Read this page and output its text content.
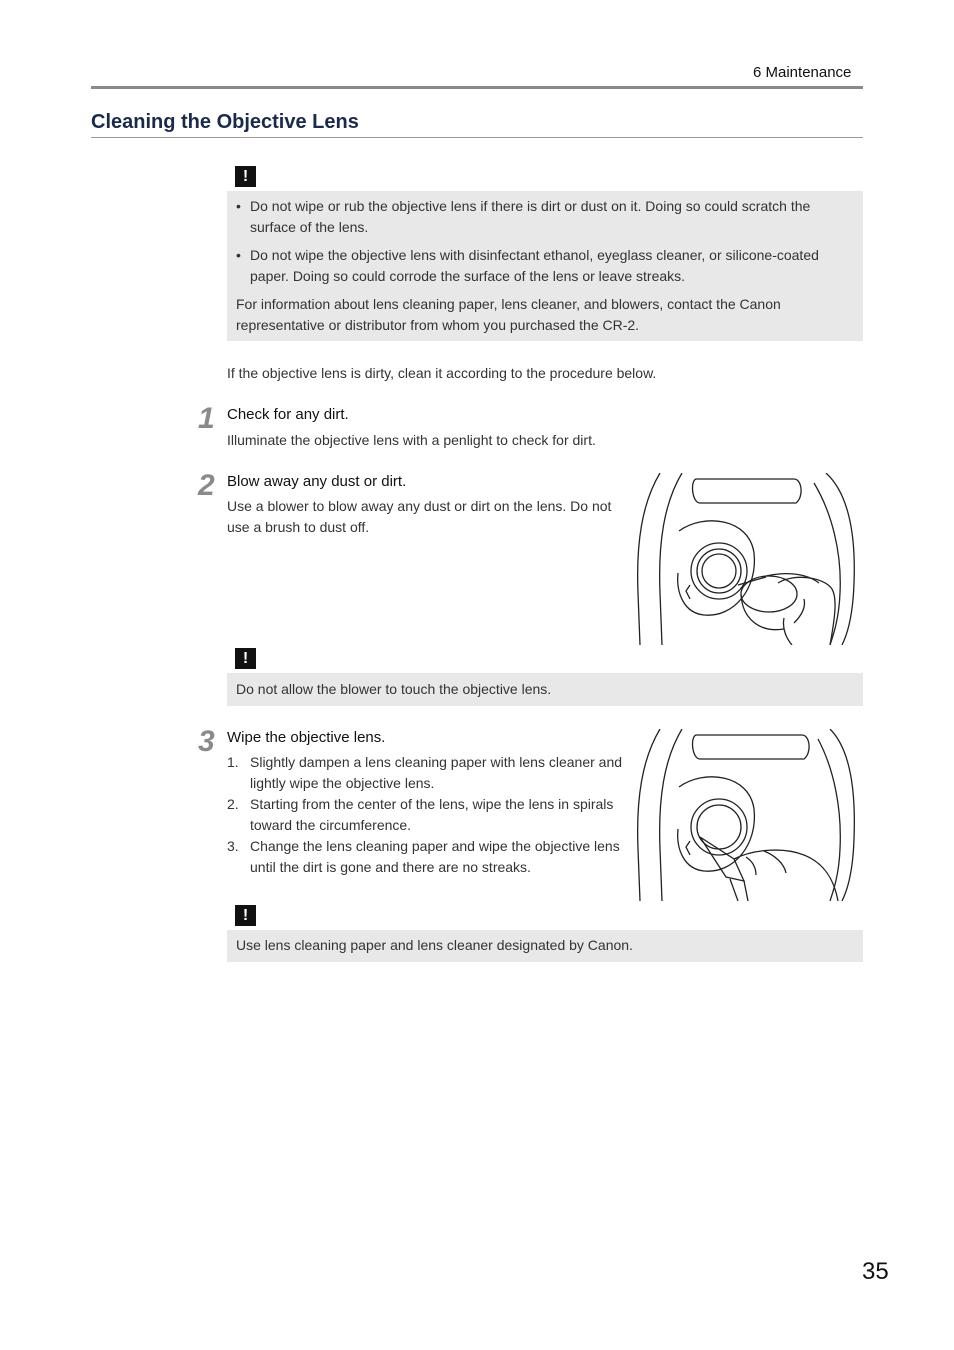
6 Maintenance
Cleaning the Objective Lens
!
• Do not wipe or rub the objective lens if there is dirt or dust on it. Doing so could scratch the surface of the lens.
• Do not wipe the objective lens with disinfectant ethanol, eyeglass cleaner, or silicone-coated paper. Doing so could corrode the surface of the lens or leave streaks.
For information about lens cleaning paper, lens cleaner, and blowers, contact the Canon representative or distributor from whom you purchased the CR-2.
If the objective lens is dirty, clean it according to the procedure below.
1 Check for any dirt.
Illuminate the objective lens with a penlight to check for dirt.
2 Blow away any dust or dirt.
Use a blower to blow away any dust or dirt on the lens. Do not use a brush to dust off.
!
Do not allow the blower to touch the objective lens.
3 Wipe the objective lens.
1. Slightly dampen a lens cleaning paper with lens cleaner and lightly wipe the objective lens.
2. Starting from the center of the lens, wipe the lens in spirals toward the circumference.
3. Change the lens cleaning paper and wipe the objective lens until the dirt is gone and there are no streaks.
!
Use lens cleaning paper and lens cleaner designated by Canon.
35
